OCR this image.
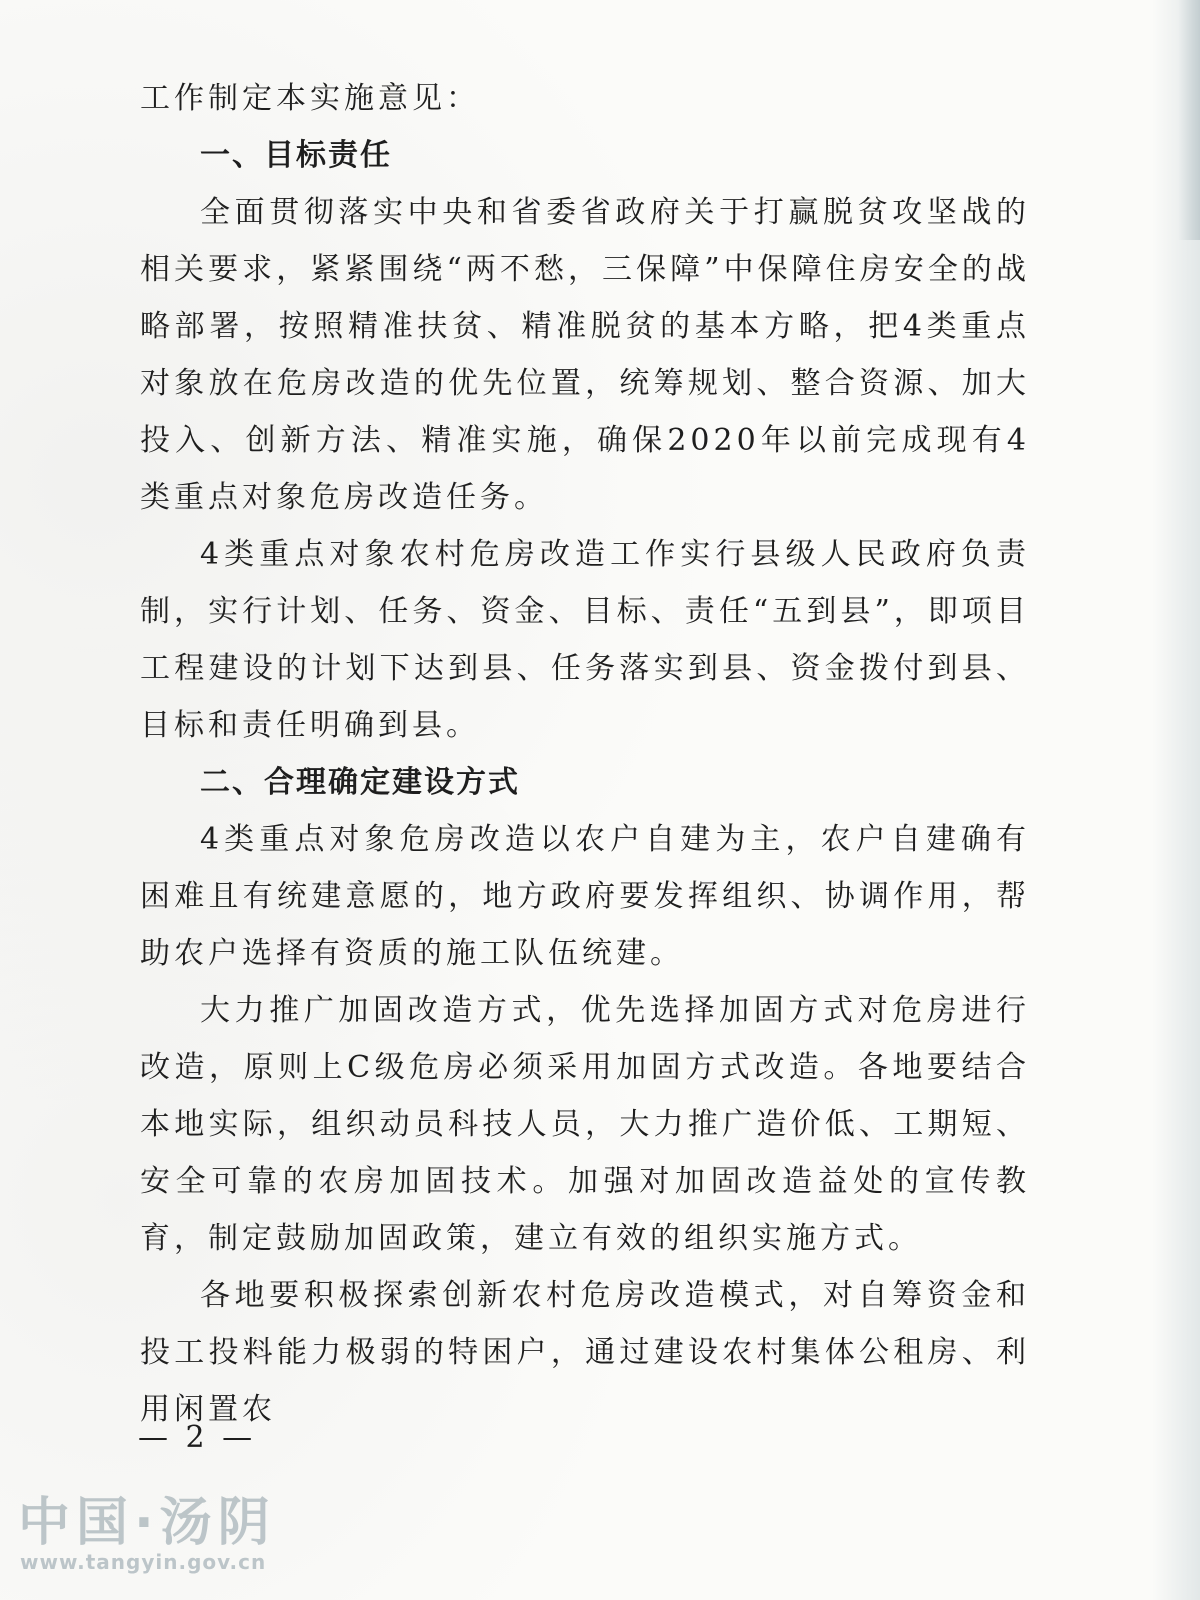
工作制定本实施意见：

一、目标责任

全面贯彻落实中央和省委省政府关于打赢脱贫攻坚战的相关要求，紧紧围绕“两不愁，三保障”中保障住房安全的战略部署，按照精准扶贫、精准脱贫的基本方略，把4类重点对象放在危房改造的优先位置，统筹规划、整合资源、加大投入、创新方法、精准实施，确保2020年以前完成现有4类重点对象危房改造任务。

4类重点对象农村危房改造工作实行县级人民政府负责制，实行计划、任务、资金、目标、责任“五到县”，即项目工程建设的计划下达到县、任务落实到县、资金拨付到县、目标和责任明确到县。

二、合理确定建设方式

4类重点对象危房改造以农户自建为主，农户自建确有困难且有统建意愿的，地方政府要发挥组织、协调作用，帮助农户选择有资质的施工队伍统建。

大力推广加固改造方式，优先选择加固方式对危房进行改造，原则上C级危房必须采用加固方式改造。各地要结合本地实际，组织动员科技人员，大力推广造价低、工期短、安全可靠的农房加固技术。加强对加固改造益处的宣传教育，制定鼓励加固政策，建立有效的组织实施方式。

各地要积极探索创新农村危房改造模式，对自筹资金和投工投料能力极弱的特困户，通过建设农村集体公租房、利用闲置农

— 2 —
中国·汤阴
www.tangyin.gov.cn
